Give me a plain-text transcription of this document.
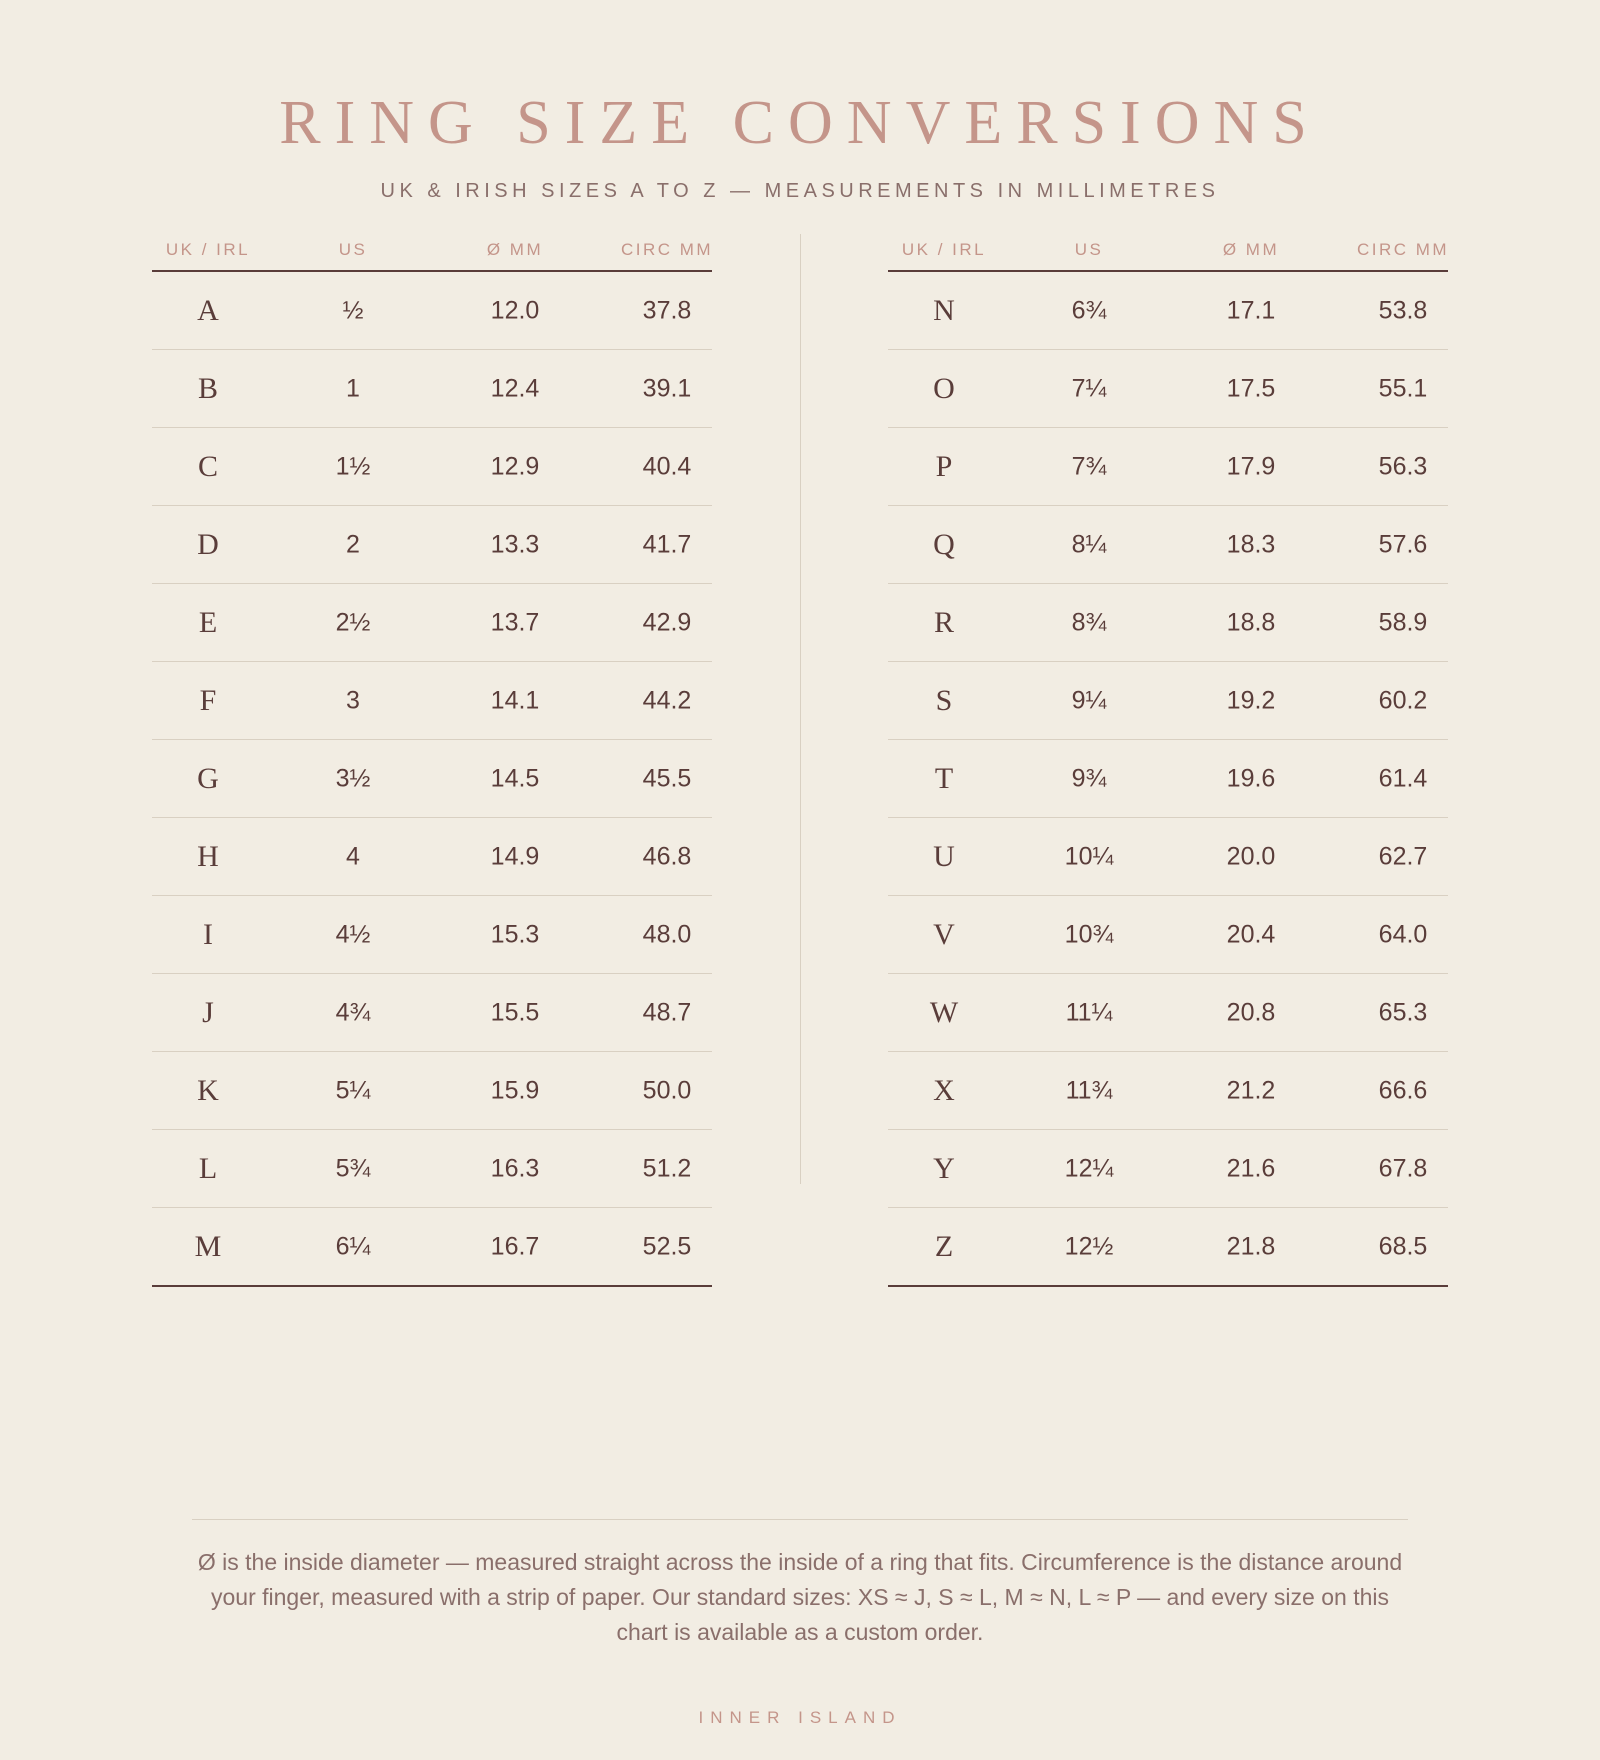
RING SIZE CONVERSIONS
UK & IRISH SIZES A TO Z — MEASUREMENTS IN MILLIMETRES
UK / IRL	US	Ø MM	CIRC MM
A	½	12.0	37.8
B	1	12.4	39.1
C	1½	12.9	40.4
D	2	13.3	41.7
E	2½	13.7	42.9
F	3	14.1	44.2
G	3½	14.5	45.5
H	4	14.9	46.8
I	4½	15.3	48.0
J	4¾	15.5	48.7
K	5¼	15.9	50.0
L	5¾	16.3	51.2
M	6¼	16.7	52.5
UK / IRL	US	Ø MM	CIRC MM
N	6¾	17.1	53.8
O	7¼	17.5	55.1
P	7¾	17.9	56.3
Q	8¼	18.3	57.6
R	8¾	18.8	58.9
S	9¼	19.2	60.2
T	9¾	19.6	61.4
U	10¼	20.0	62.7
V	10¾	20.4	64.0
W	11¼	20.8	65.3
X	11¾	21.2	66.6
Y	12¼	21.6	67.8
Z	12½	21.8	68.5

Ø is the inside diameter — measured straight across the inside of a ring that fits. Circumference is the distance around your finger, measured with a strip of paper. Our standard sizes: XS ≈ J, S ≈ L, M ≈ N, L ≈ P — and every size on this chart is available as a custom order.

INNER ISLAND
